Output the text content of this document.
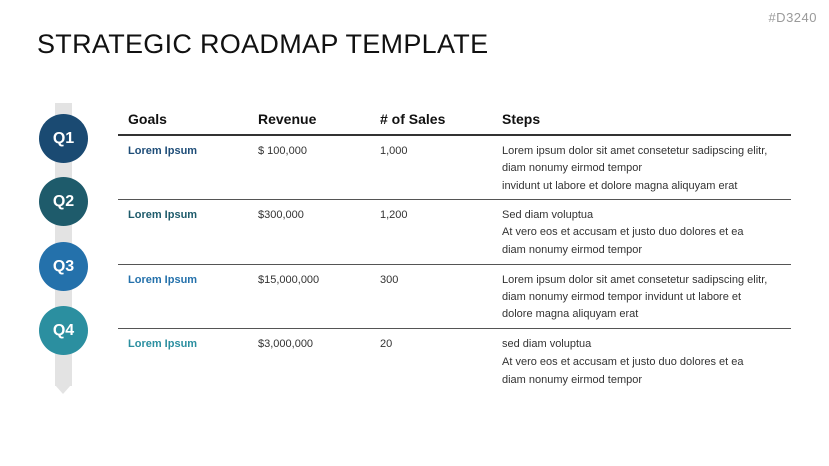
#D3240
STRATEGIC ROADMAP TEMPLATE
Q1
Q2
Q3
Q4
Goals	Revenue	# of Sales	Steps
Lorem Ipsum	$ 100,000	1,000	Lorem ipsum dolor sit amet consetetur sadipscing elitr,
diam nonumy eirmod tempor
invidunt ut labore et dolore magna aliquyam erat
Lorem Ipsum	$300,000	1,200	Sed diam voluptua
At vero eos et accusam et justo duo dolores et ea
diam nonumy eirmod tempor
Lorem Ipsum	$15,000,000	300	Lorem ipsum dolor sit amet consetetur sadipscing elitr,
diam nonumy eirmod tempor invidunt ut labore et
dolore magna aliquyam erat
Lorem Ipsum	$3,000,000	20	sed diam voluptua
At vero eos et accusam et justo duo dolores et ea
diam nonumy eirmod tempor
